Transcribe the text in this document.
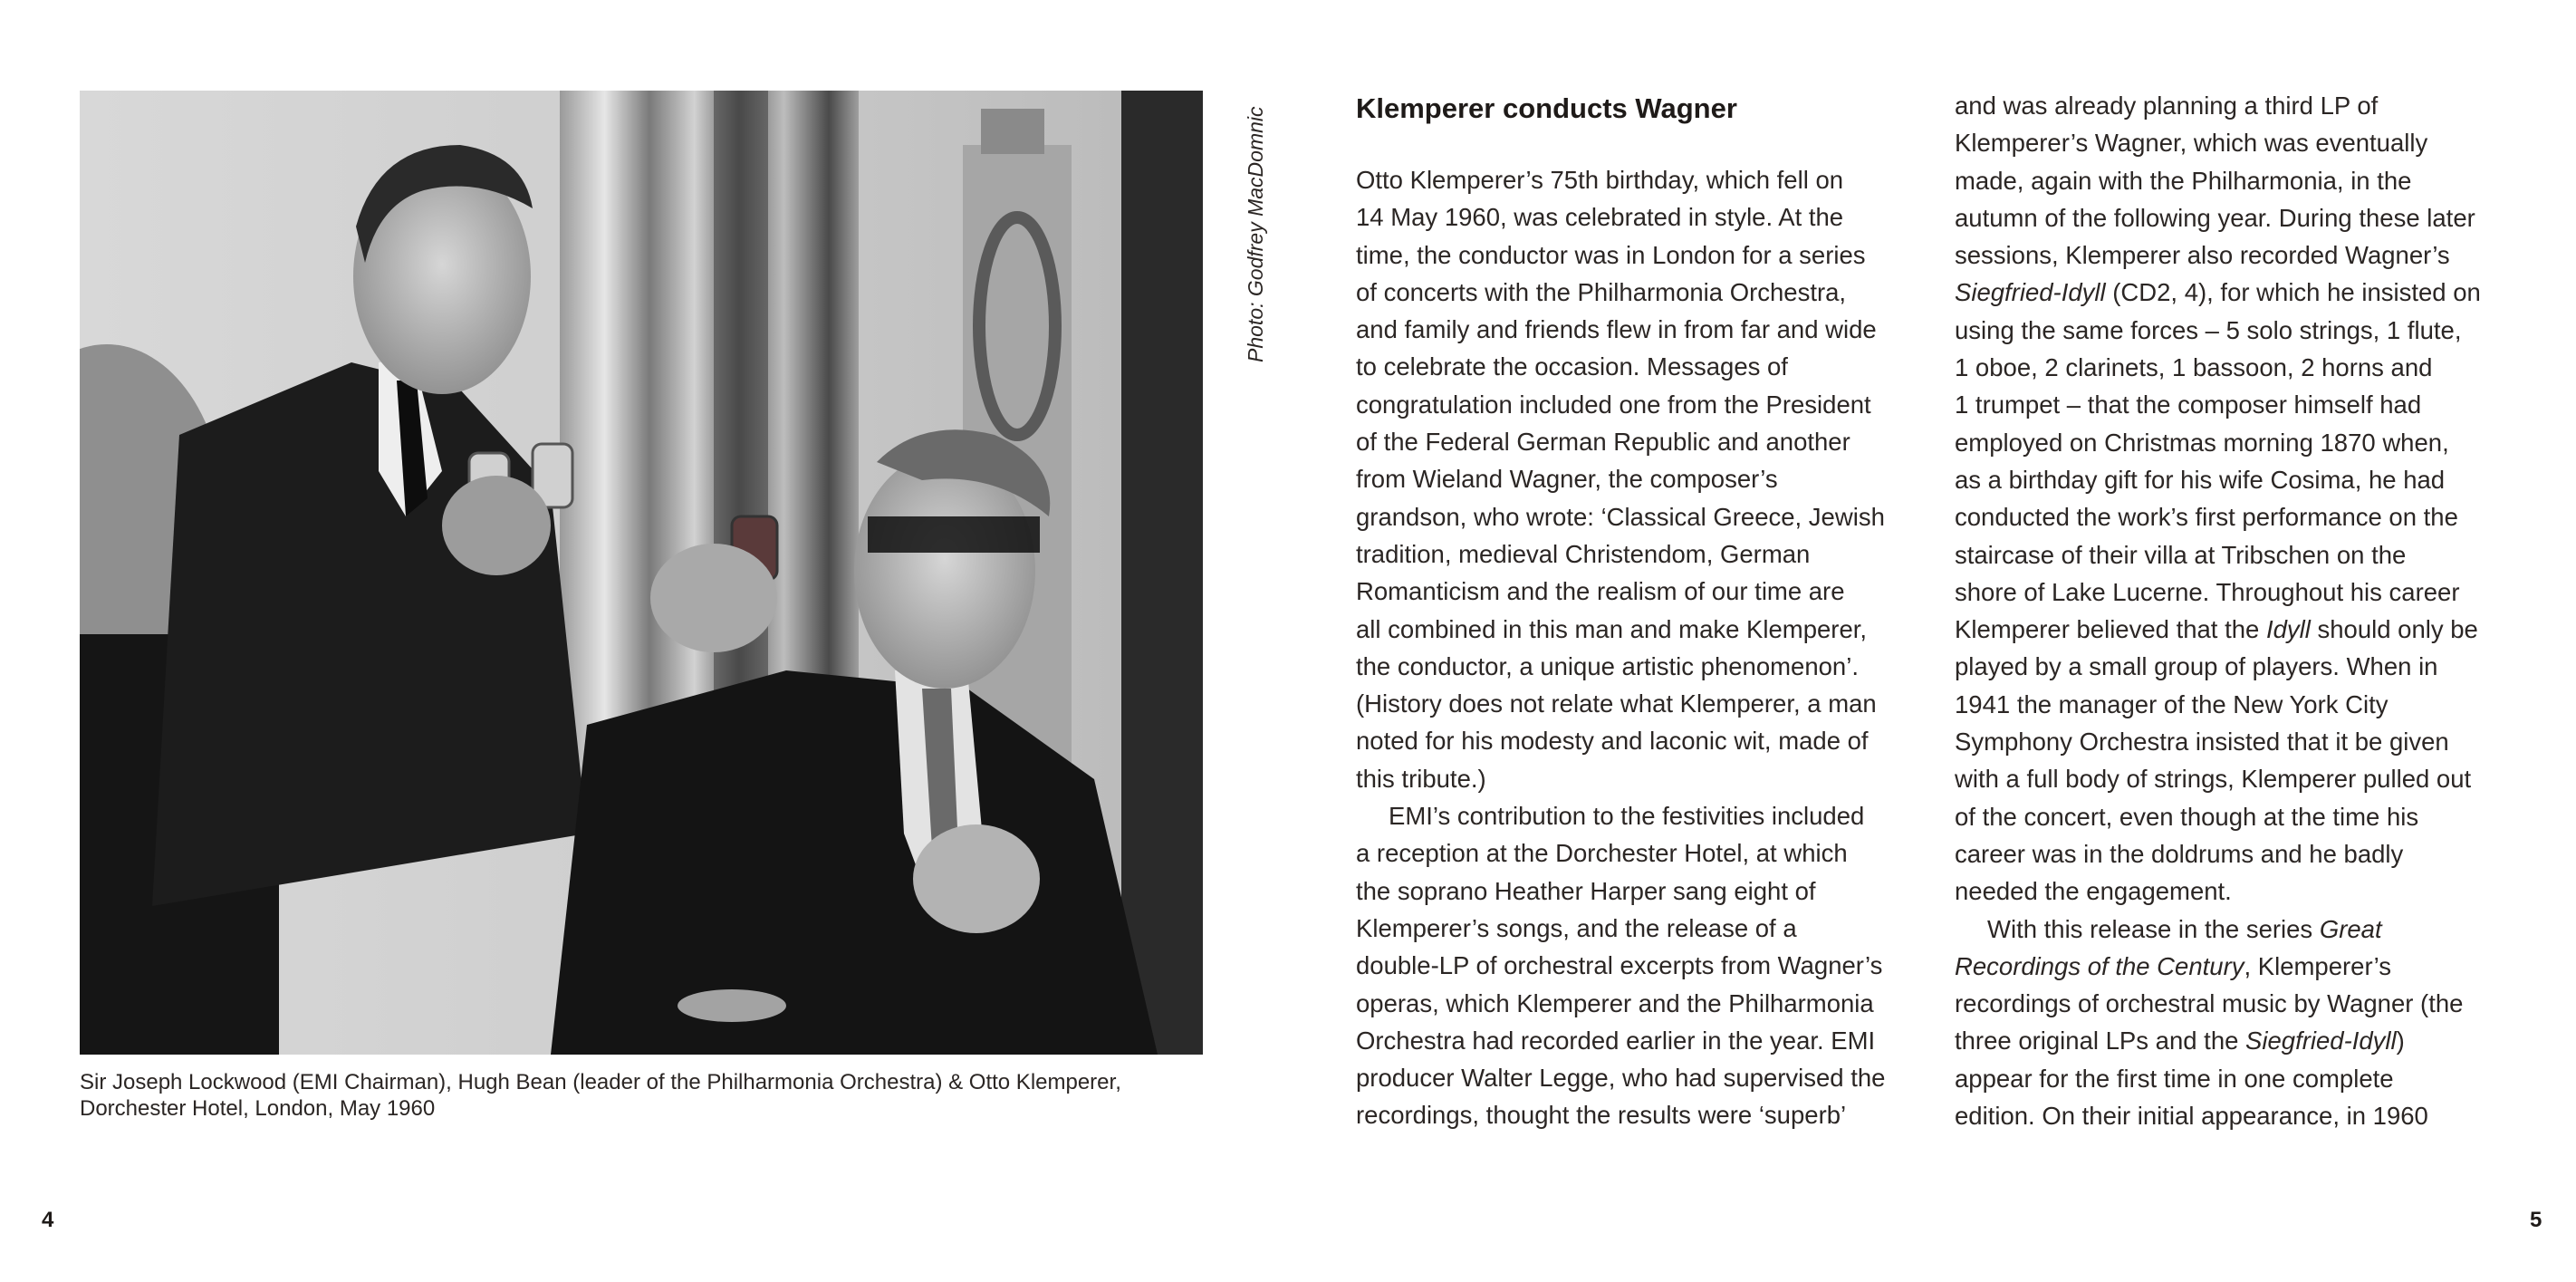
Photo: Godfrey MacDomnic
Sir Joseph Lockwood (EMI Chairman), Hugh Bean (leader of the Philharmonia Orchestra) & Otto Klemperer,
Dorchester Hotel, London, May 1960
Klemperer conducts Wagner

Otto Klemperer’s 75th birthday, which fell on

14 May 1960, was celebrated in style. At the

time, the conductor was in London for a series

of concerts with the Philharmonia Orchestra,

and family and friends flew in from far and wide

to celebrate the occasion. Messages of

congratulation included one from the President

of the Federal German Republic and another

from Wieland Wagner, the composer’s

grandson, who wrote: ‘Classical Greece, Jewish

tradition, medieval Christendom, German

Romanticism and the realism of our time are

all combined in this man and make Klemperer,

the conductor, a unique artistic phenomenon’.

(History does not relate what Klemperer, a man

noted for his modesty and laconic wit, made of

this tribute.)

EMI’s contribution to the festivities included

a reception at the Dorchester Hotel, at which

the soprano Heather Harper sang eight of

Klemperer’s songs, and the release of a

double-LP of orchestral excerpts from Wagner’s

operas, which Klemperer and the Philharmonia

Orchestra had recorded earlier in the year. EMI

producer Walter Legge, who had supervised the

recordings, thought the results were ‘superb’

and was already planning a third LP of

Klemperer’s Wagner, which was eventually

made, again with the Philharmonia, in the

autumn of the following year. During these later

sessions, Klemperer also recorded Wagner’s

Siegfried-Idyll (CD2, 4), for which he insisted on

using the same forces – 5 solo strings, 1 flute,

1 oboe, 2 clarinets, 1 bassoon, 2 horns and

1 trumpet – that the composer himself had

employed on Christmas morning 1870 when,

as a birthday gift for his wife Cosima, he had

conducted the work’s first performance on the

staircase of their villa at Tribschen on the

shore of Lake Lucerne. Throughout his career

Klemperer believed that the Idyll should only be

played by a small group of players. When in

1941 the manager of the New York City

Symphony Orchestra insisted that it be given

with a full body of strings, Klemperer pulled out

of the concert, even though at the time his

career was in the doldrums and he badly

needed the engagement.

With this release in the series Great

Recordings of the Century, Klemperer’s

recordings of orchestral music by Wagner (the

three original LPs and the Siegfried-Idyll)

appear for the first time in one complete

edition. On their initial appearance, in 1960

4	5
